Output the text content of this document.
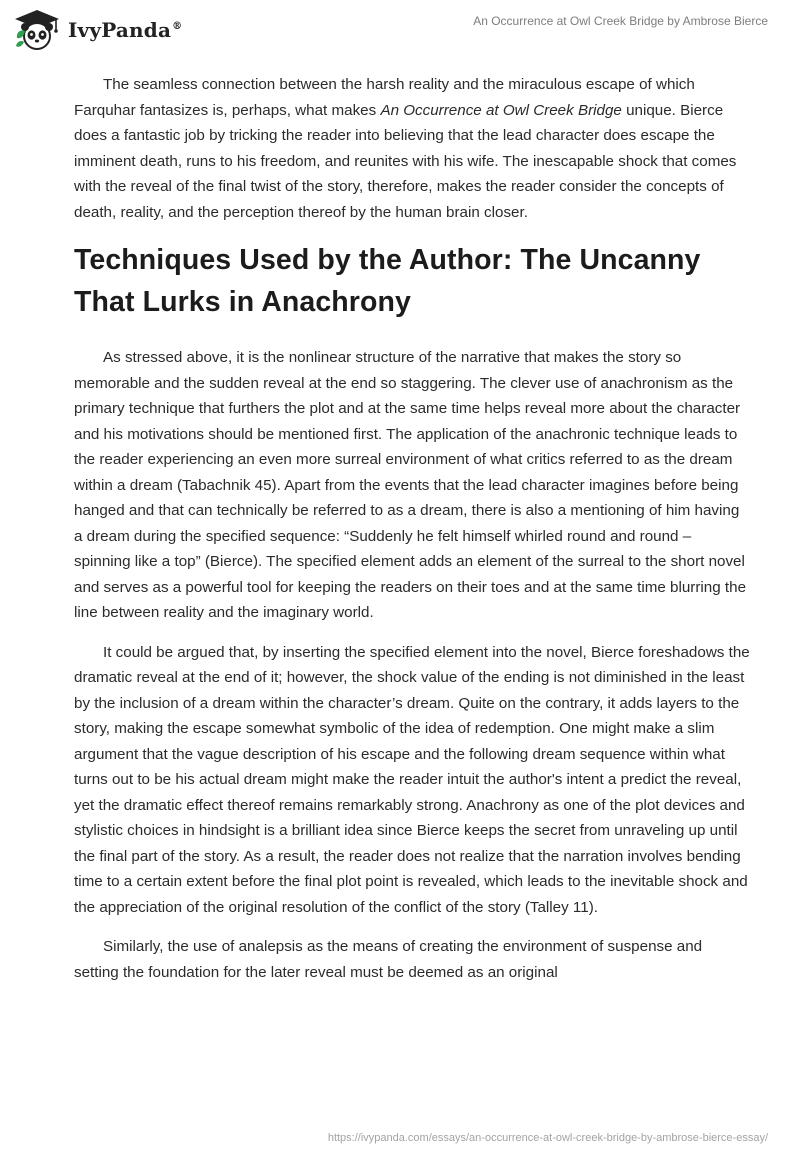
IvyPanda®	An Occurrence at Owl Creek Bridge by Ambrose Bierce

The seamless connection between the harsh reality and the miraculous escape of which Farquhar fantasizes is, perhaps, what makes An Occurrence at Owl Creek Bridge unique. Bierce does a fantastic job by tricking the reader into believing that the lead character does escape the imminent death, runs to his freedom, and reunites with his wife. The inescapable shock that comes with the reveal of the final twist of the story, therefore, makes the reader consider the concepts of death, reality, and the perception thereof by the human brain closer.

Techniques Used by the Author: The Uncanny That Lurks in Anachrony

As stressed above, it is the nonlinear structure of the narrative that makes the story so memorable and the sudden reveal at the end so staggering. The clever use of anachronism as the primary technique that furthers the plot and at the same time helps reveal more about the character and his motivations should be mentioned first. The application of the anachronic technique leads to the reader experiencing an even more surreal environment of what critics referred to as the dream within a dream (Tabachnik 45). Apart from the events that the lead character imagines before being hanged and that can technically be referred to as a dream, there is also a mentioning of him having a dream during the specified sequence: “Suddenly he felt himself whirled round and round – spinning like a top” (Bierce). The specified element adds an element of the surreal to the short novel and serves as a powerful tool for keeping the readers on their toes and at the same time blurring the line between reality and the imaginary world.

It could be argued that, by inserting the specified element into the novel, Bierce foreshadows the dramatic reveal at the end of it; however, the shock value of the ending is not diminished in the least by the inclusion of a dream within the character’s dream. Quite on the contrary, it adds layers to the story, making the escape somewhat symbolic of the idea of redemption. One might make a slim argument that the vague description of his escape and the following dream sequence within what turns out to be his actual dream might make the reader intuit the author's intent a predict the reveal, yet the dramatic effect thereof remains remarkably strong. Anachrony as one of the plot devices and stylistic choices in hindsight is a brilliant idea since Bierce keeps the secret from unraveling up until the final part of the story. As a result, the reader does not realize that the narration involves bending time to a certain extent before the final plot point is revealed, which leads to the inevitable shock and the appreciation of the original resolution of the conflict of the story (Talley 11).

Similarly, the use of analepsis as the means of creating the environment of suspense and setting the foundation for the later reveal must be deemed as an original

https://ivypanda.com/essays/an-occurrence-at-owl-creek-bridge-by-ambrose-bierce-essay/
